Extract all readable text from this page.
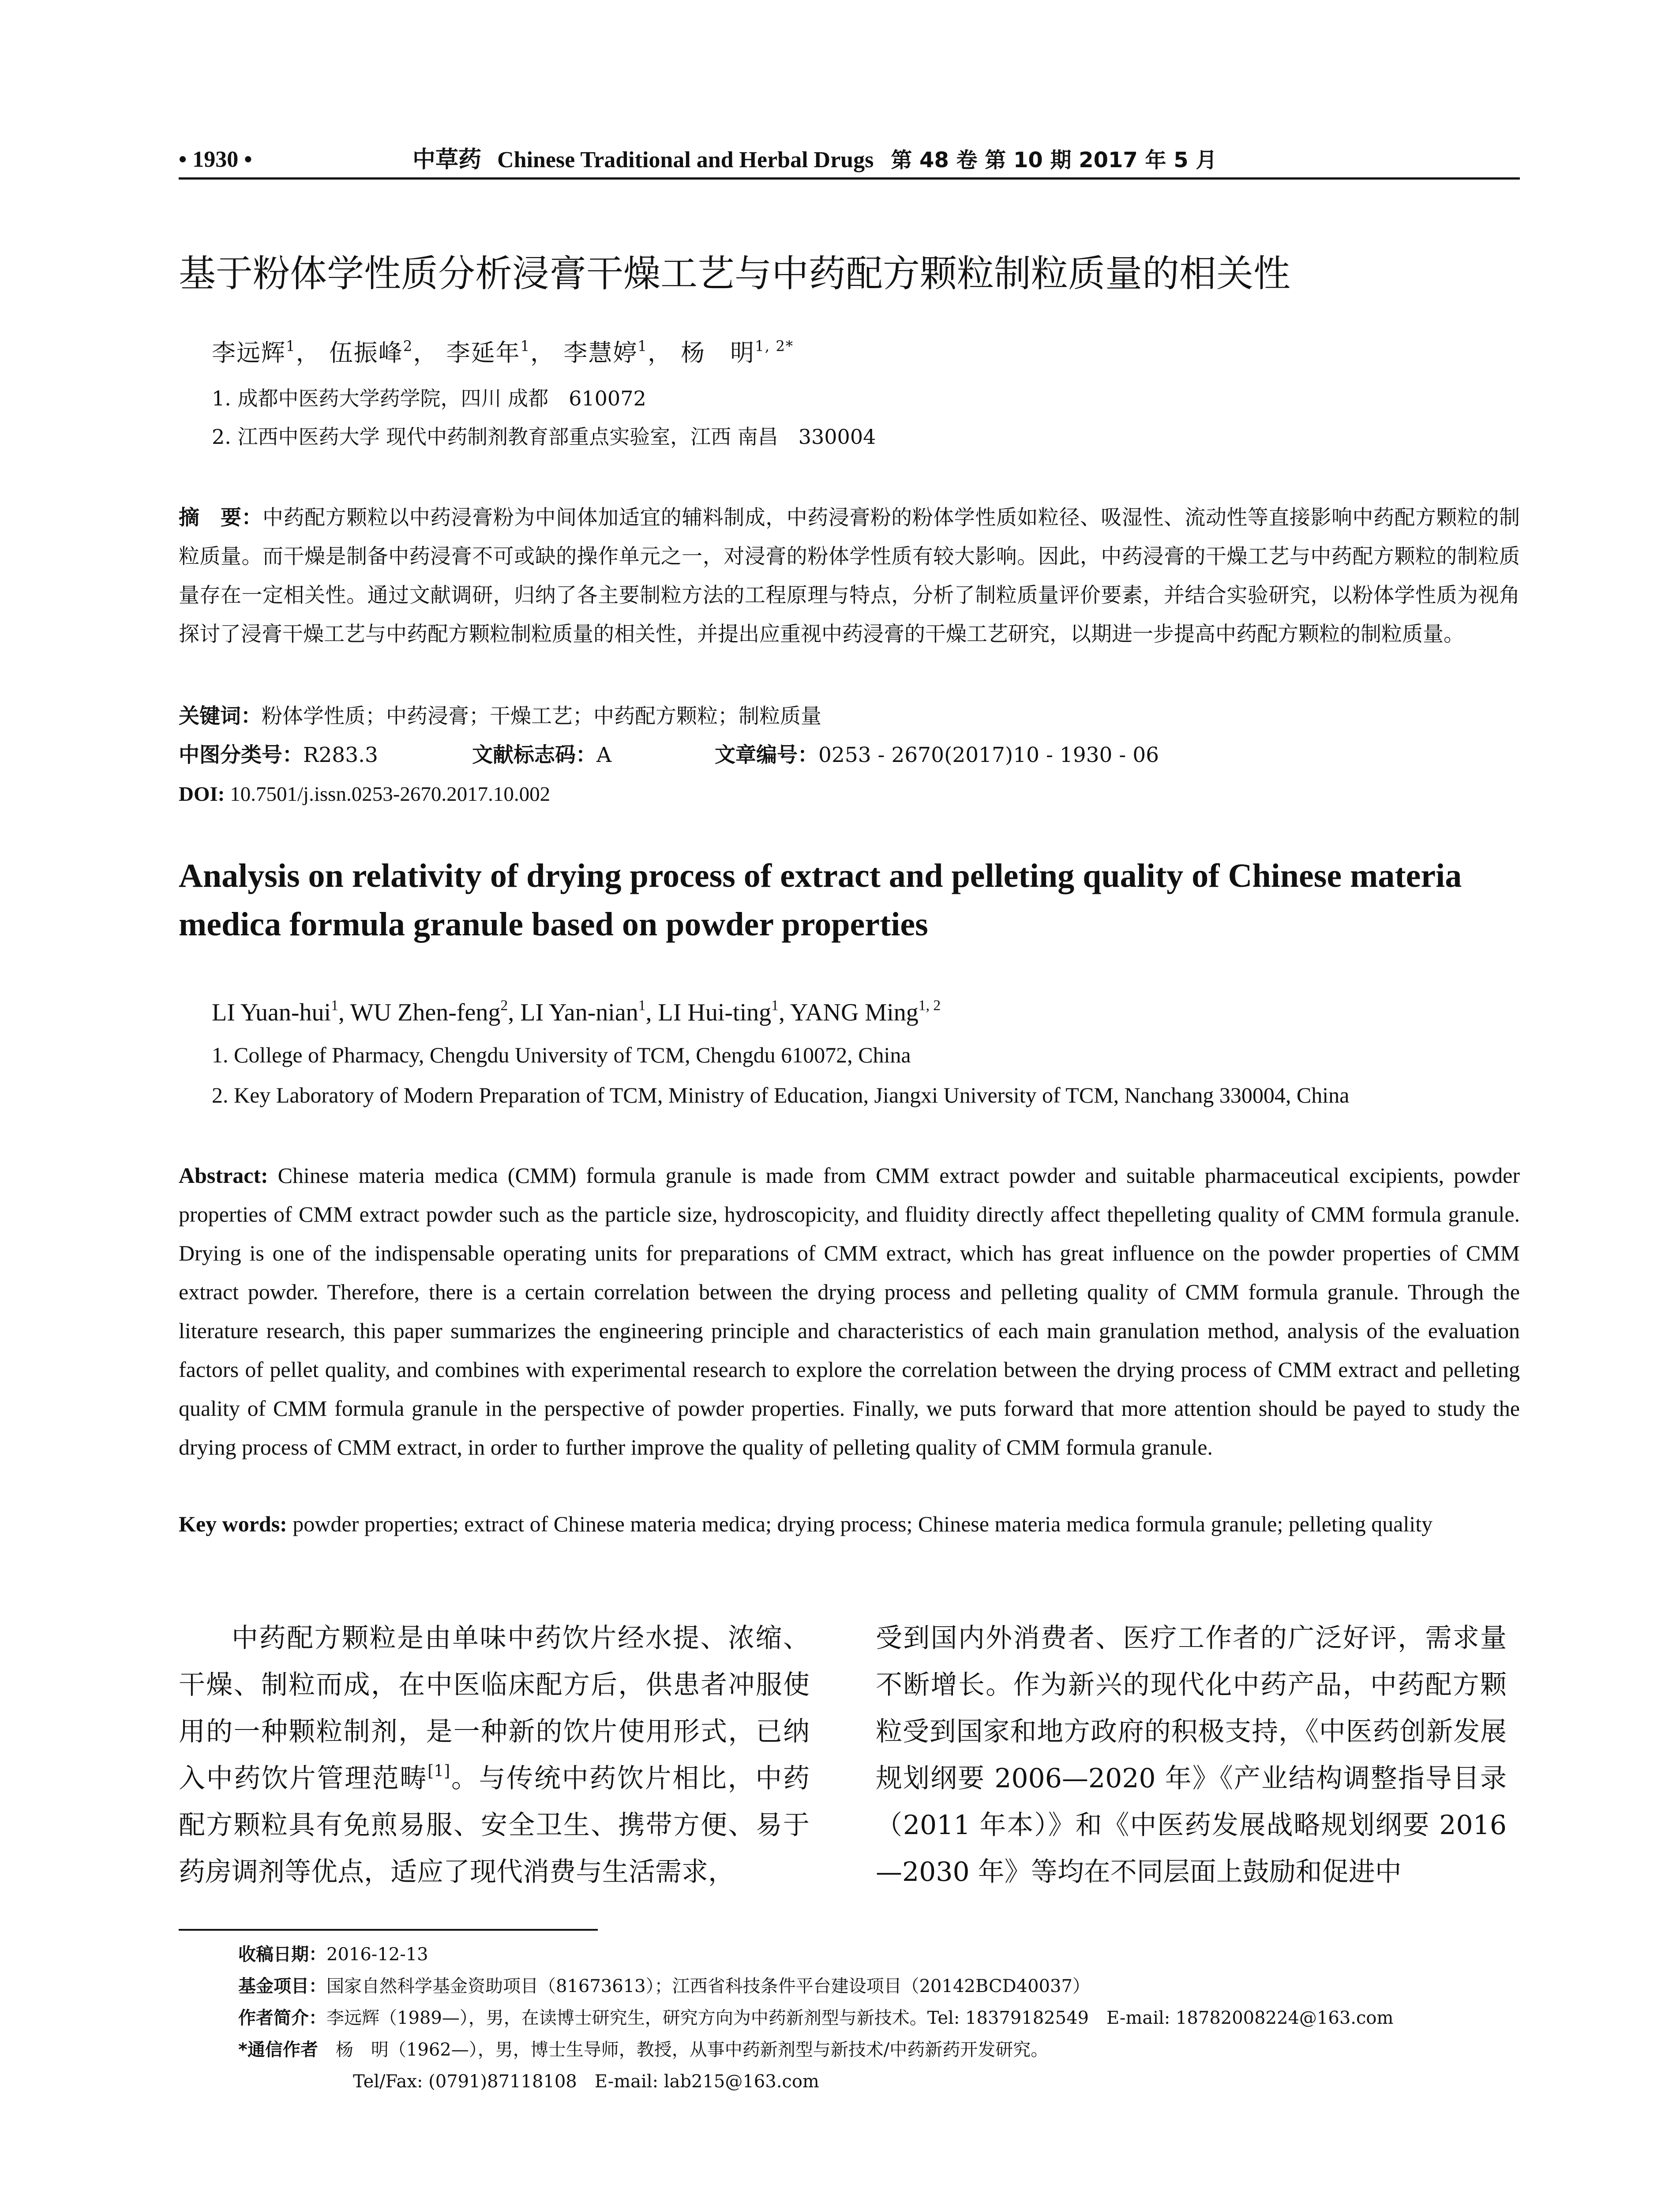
• 1930 •	中草药 Chinese Traditional and Herbal Drugs 第 48 卷 第 10 期 2017 年 5 月
基于粉体学性质分析浸膏干燥工艺与中药配方颗粒制粒质量的相关性
李远辉$^1$， 伍振峰$^2$， 李延年$^1$， 李慧婷$^1$， 杨　明$^{1, 2*}$
1. 成都中医药大学药学院，四川 成都　610072
2. 江西中医药大学 现代中药制剂教育部重点实验室，江西 南昌　330004
摘　要：中药配方颗粒以中药浸膏粉为中间体加适宜的辅料制成，中药浸膏粉的粉体学性质如粒径、吸湿性、流动性等直接影响中药配方颗粒的制粒质量。而干燥是制备中药浸膏不可或缺的操作单元之一，对浸膏的粉体学性质有较大影响。因此，中药浸膏的干燥工艺与中药配方颗粒的制粒质量存在一定相关性。通过文献调研，归纳了各主要制粒方法的工程原理与特点，分析了制粒质量评价要素，并结合实验研究，以粉体学性质为视角探讨了浸膏干燥工艺与中药配方颗粒制粒质量的相关性，并提出应重视中药浸膏的干燥工艺研究，以期进一步提高中药配方颗粒的制粒质量。
关键词：粉体学性质；中药浸膏；干燥工艺；中药配方颗粒；制粒质量
中图分类号：R283.3	文献标志码：A	文章编号：0253 - 2670(2017)10 - 1930 - 06
DOI: 10.7501/j.issn.0253-2670.2017.10.002
Analysis on relativity of drying process of extract and pelleting quality of Chinese materia medica formula granule based on powder properties
LI Yuan-hui$^1$, WU Zhen-feng$^2$, LI Yan-nian$^1$, LI Hui-ting$^1$, YANG Ming$^{1, 2}$
1. College of Pharmacy, Chengdu University of TCM, Chengdu 610072, China
2. Key Laboratory of Modern Preparation of TCM, Ministry of Education, Jiangxi University of TCM, Nanchang 330004, China
Abstract: Chinese materia medica (CMM) formula granule is made from CMM extract powder and suitable pharmaceutical excipients, powder properties of CMM extract powder such as the particle size, hydroscopicity, and fluidity directly affect thepelleting quality of CMM formula granule. Drying is one of the indispensable operating units for preparations of CMM extract, which has great influence on the powder properties of CMM extract powder. Therefore, there is a certain correlation between the drying process and pelleting quality of CMM formula granule. Through the literature research, this paper summarizes the engineering principle and characteristics of each main granulation method, analysis of the evaluation factors of pellet quality, and combines with experimental research to explore the correlation between the drying process of CMM extract and pelleting quality of CMM formula granule in the perspective of powder properties. Finally, we puts forward that more attention should be payed to study the drying process of CMM extract, in order to further improve the quality of pelleting quality of CMM formula granule.
Key words: powder properties; extract of Chinese materia medica; drying process; Chinese materia medica formula granule; pelleting quality
中药配方颗粒是由单味中药饮片经水提、浓缩、干燥、制粒而成，在中医临床配方后，供患者冲服使用的一种颗粒制剂，是一种新的饮片使用形式，已纳入中药饮片管理范畴[1]。与传统中药饮片相比，中药配方颗粒具有免煎易服、安全卫生、携带方便、易于药房调剂等优点，适应了现代消费与生活需求，
受到国内外消费者、医疗工作者的广泛好评，需求量不断增长。作为新兴的现代化中药产品，中药配方颗粒受到国家和地方政府的积极支持，《中医药创新发展规划纲要 2006—2020 年》《产业结构调整指导目录（2011 年本）》和《中医药发展战略规划纲要 2016—2030 年》等均在不同层面上鼓励和促进中
收稿日期：2016-12-13
基金项目：国家自然科学基金资助项目（81673613）；江西省科技条件平台建设项目（20142BCD40037）
作者简介：李远辉（1989—），男，在读博士研究生，研究方向为中药新剂型与新技术。Tel: 18379182549　E-mail: 18782008224@163.com
*通信作者　杨　明（1962—），男，博士生导师，教授，从事中药新剂型与新技术/中药新药开发研究。
Tel/Fax: (0791)87118108　E-mail: lab215@163.com
